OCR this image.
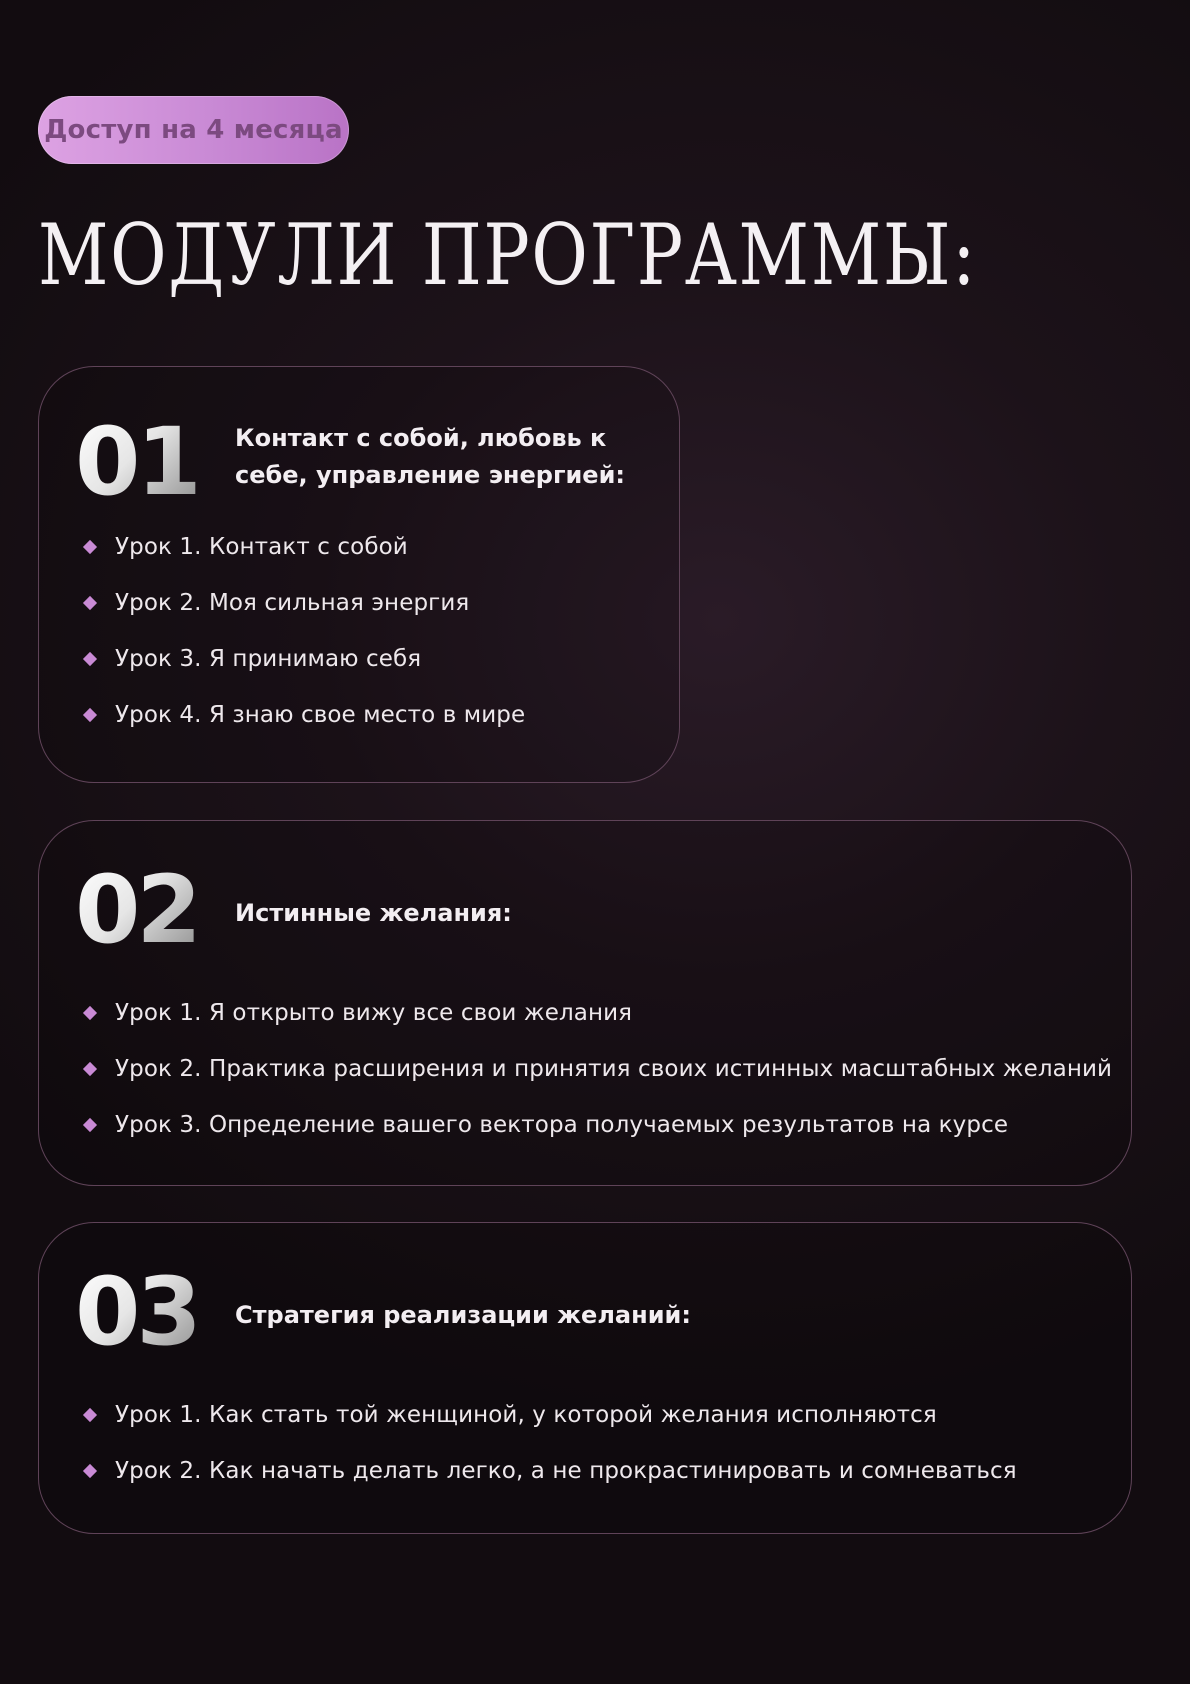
Доступ на 4 месяца
МОДУЛИ ПРОГРАММЫ:
01 Контакт с собой, любовь к себе, управление энергией:
Урок 1. Контакт с собой
Урок 2. Моя сильная энергия
Урок 3. Я принимаю себя
Урок 4. Я знаю свое место в мире
02 Истинные желания:
Урок 1. Я открыто вижу все свои желания
Урок 2. Практика расширения и принятия своих истинных масштабных желаний
Урок 3. Определение вашего вектора получаемых результатов на курсе
03 Стратегия реализации желаний:
Урок 1. Как стать той женщиной, у которой желания исполняются
Урок 2. Как начать делать легко, а не прокрастинировать и сомневаться
